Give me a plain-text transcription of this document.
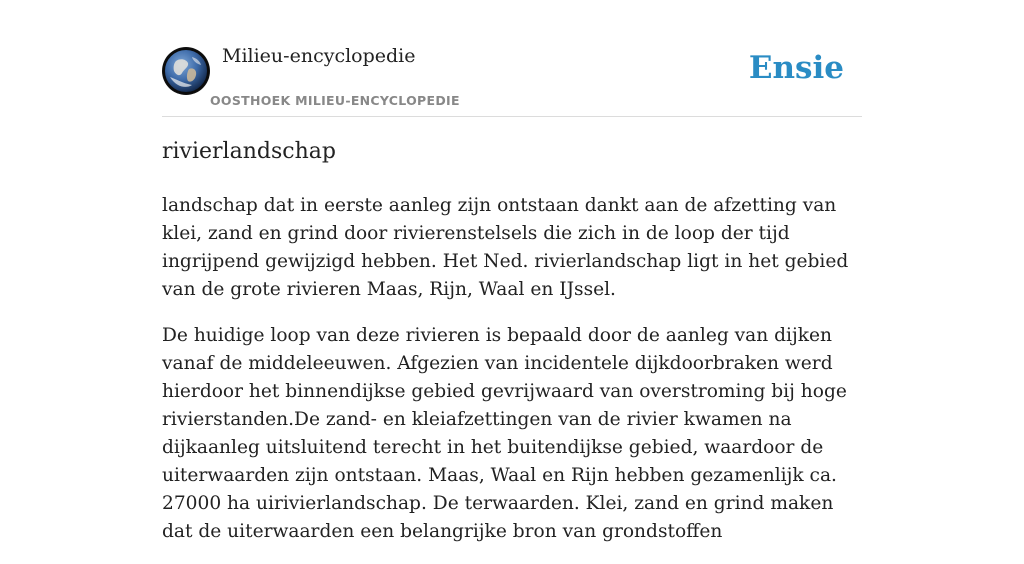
Milieu-encyclopedie
OOSTHOEK MILIEU-ENCYCLOPEDIE
Ensie
rivierlandschap

landschap dat in eerste aanleg zijn ontstaan dankt aan de afzetting van klei, zand en grind door rivierenstelsels die zich in de loop der tijd ingrijpend gewijzigd hebben. Het Ned. rivierlandschap ligt in het gebied van de grote rivieren Maas, Rijn, Waal en IJssel.

De huidige loop van deze rivieren is bepaald door de aanleg van dijken vanaf de middeleeuwen. Afgezien van incidentele dijkdoorbraken werd hierdoor het binnendijkse gebied gevrijwaard van overstroming bij hoge rivierstanden.De zand- en kleiafzettingen van de rivier kwamen na dijkaanleg uitsluitend terecht in het buitendijkse gebied, waardoor de uiterwaarden zijn ontstaan. Maas, Waal en Rijn hebben gezamenlijk ca. 27000 ha uirivierlandschap. De terwaarden. Klei, zand en grind maken dat de uiterwaarden een belangrijke bron van grondstoffen
